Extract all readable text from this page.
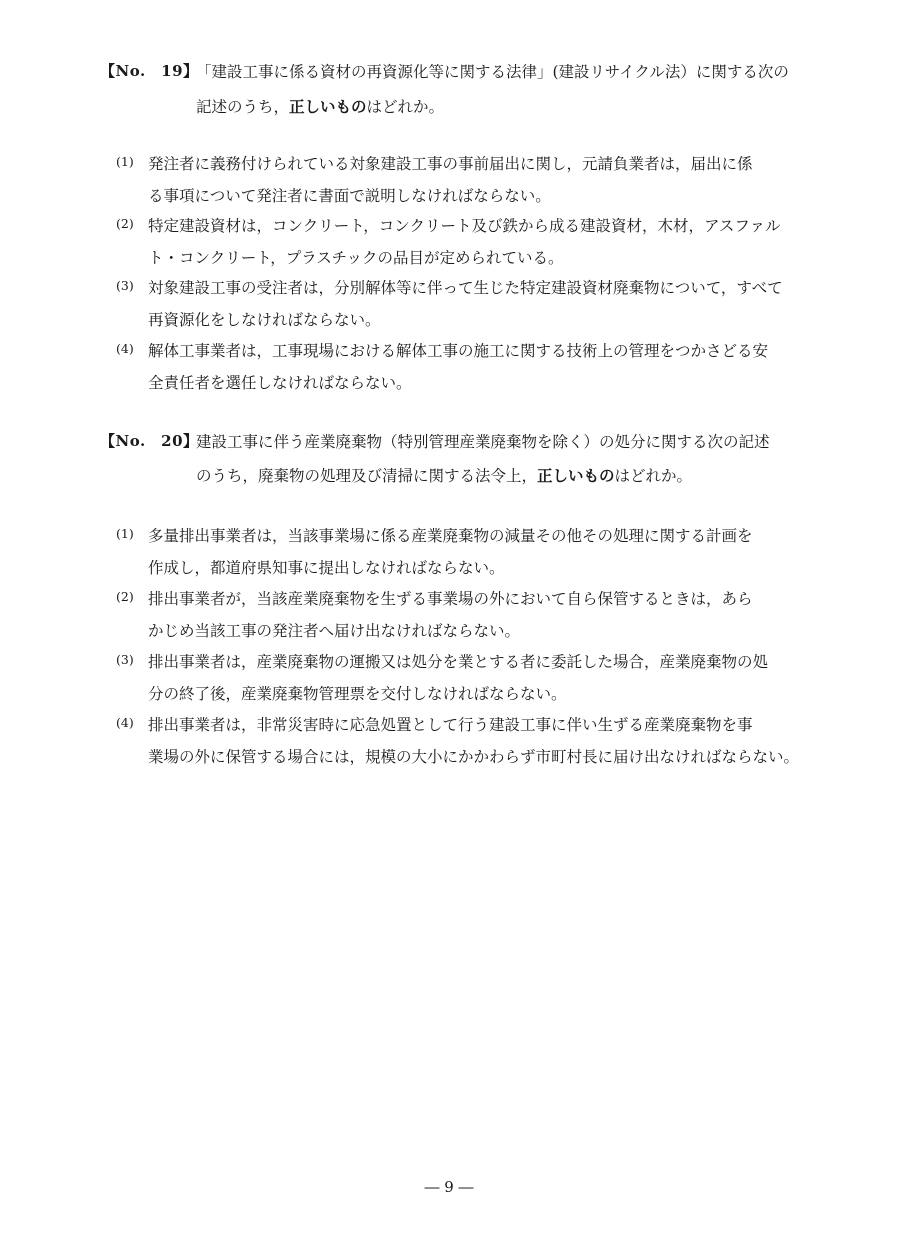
【No.　19】
「建設工事に係る資材の再資源化等に関する法律」(建設リサイクル法）に関する次の
記述のうち，正しいものはどれか。
(1) 発注者に義務付けられている対象建設工事の事前届出に関し，元請負業者は，届出に係
る事項について発注者に書面で説明しなければならない。
(2) 特定建設資材は，コンクリート，コンクリート及び鉄から成る建設資材，木材，アスファル
ト・コンクリート，プラスチックの品目が定められている。
(3) 対象建設工事の受注者は，分別解体等に伴って生じた特定建設資材廃棄物について，すべて
再資源化をしなければならない。
(4) 解体工事業者は，工事現場における解体工事の施工に関する技術上の管理をつかさどる安
全責任者を選任しなければならない。
【No.　20】
建設工事に伴う産業廃棄物（特別管理産業廃棄物を除く）の処分に関する次の記述
のうち，廃棄物の処理及び清掃に関する法令上，正しいものはどれか。
(1) 多量排出事業者は，当該事業場に係る産業廃棄物の減量その他その処理に関する計画を
作成し，都道府県知事に提出しなければならない。
(2) 排出事業者が，当該産業廃棄物を生ずる事業場の外において自ら保管するときは，あら
かじめ当該工事の発注者へ届け出なければならない。
(3) 排出事業者は，産業廃棄物の運搬又は処分を業とする者に委託した場合，産業廃棄物の処
分の終了後，産業廃棄物管理票を交付しなければならない。
(4) 排出事業者は，非常災害時に応急処置として行う建設工事に伴い生ずる産業廃棄物を事
業場の外に保管する場合には，規模の大小にかかわらず市町村長に届け出なければならない。
― 9 ―
